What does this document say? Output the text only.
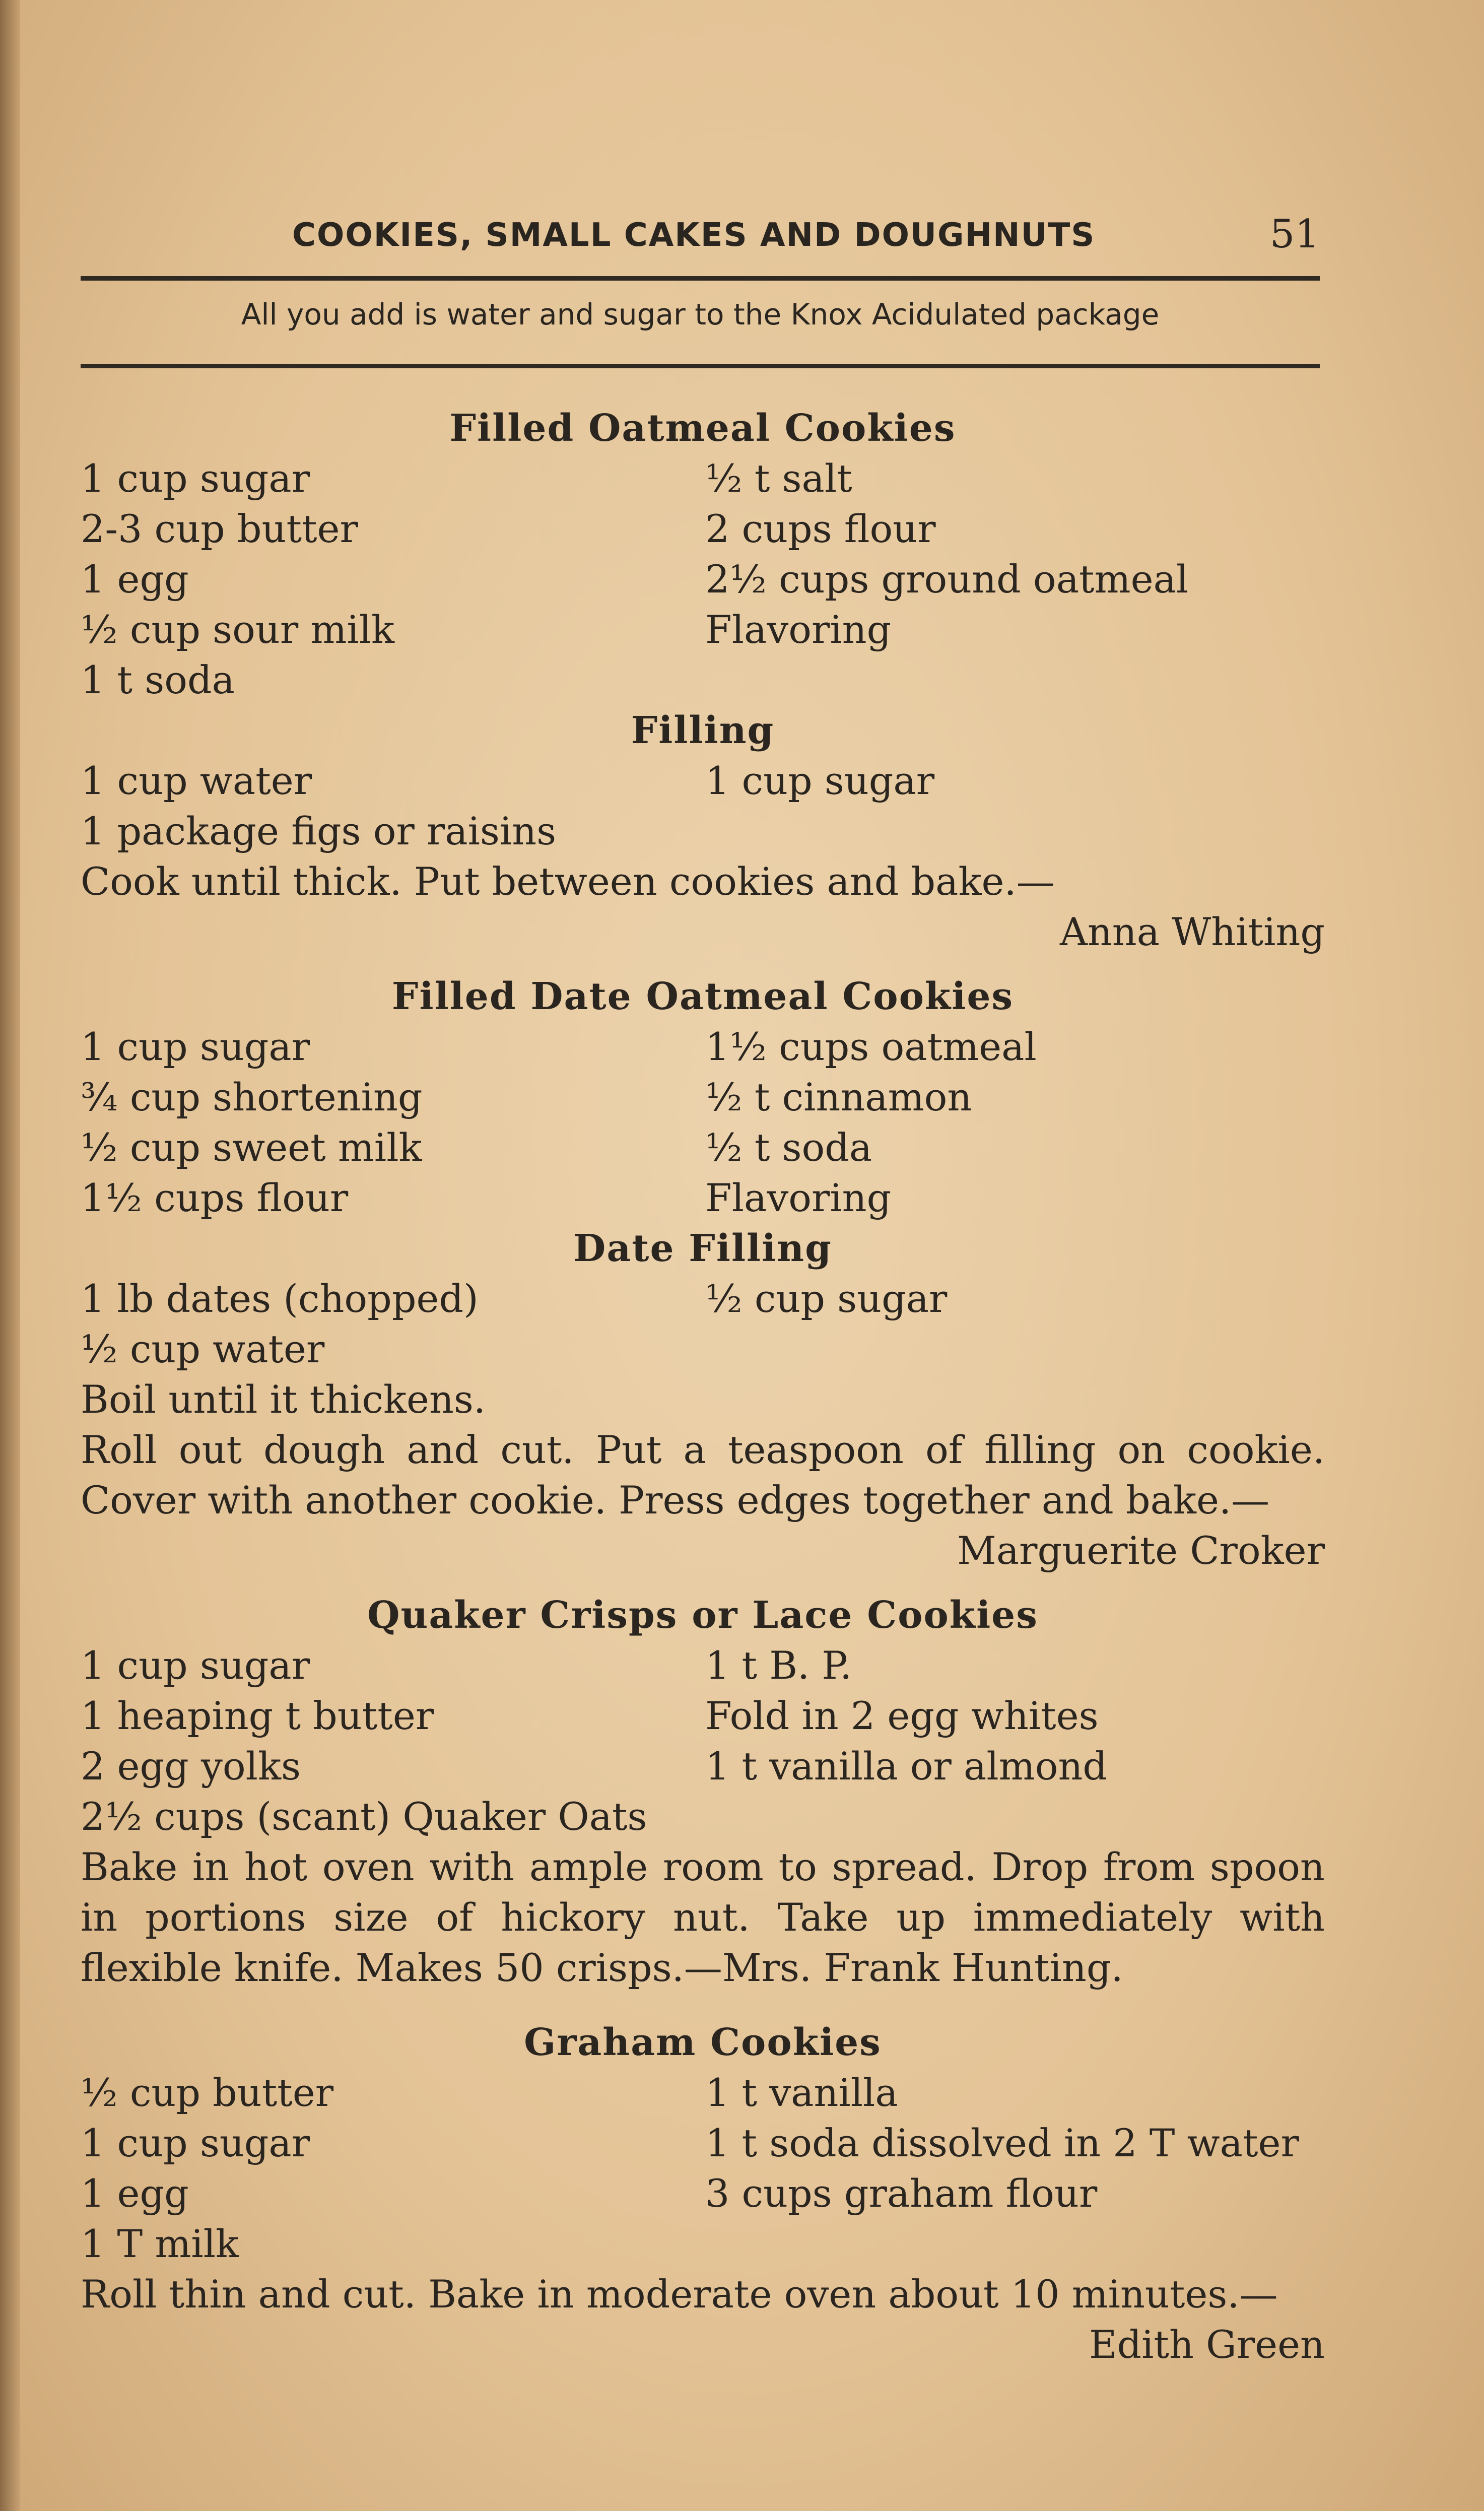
COOKIES, SMALL CAKES AND DOUGHNUTS	51
All you add is water and sugar to the Knox Acidulated package
Filled Oatmeal Cookies
1 cup sugar
2-3 cup butter
1 egg
½ cup sour milk
1 t soda
½ t salt
2 cups flour
2½ cups ground oatmeal
Flavoring
Filling
1 cup water
1 package figs or raisins
1 cup sugar
Cook until thick. Put between cookies and bake.—
Anna Whiting
Filled Date Oatmeal Cookies
1 cup sugar
¾ cup shortening
½ cup sweet milk
1½ cups flour
1½ cups oatmeal
½ t cinnamon
½ t soda
Flavoring
Date Filling
1 lb dates (chopped)
½ cup water
½ cup sugar
Boil until it thickens.
Roll out dough and cut. Put a teaspoon of filling on cookie. Cover with another cookie. Press edges together and bake.—
Marguerite Croker
Quaker Crisps or Lace Cookies
1 cup sugar
1 heaping t butter
2 egg yolks
1 t B. P.
Fold in 2 egg whites
1 t vanilla or almond
2½ cups (scant) Quaker Oats
Bake in hot oven with ample room to spread. Drop from spoon in portions size of hickory nut. Take up immediately with flexible knife. Makes 50 crisps.—Mrs. Frank Hunting.
Graham Cookies
½ cup butter
1 cup sugar
1 egg
1 T milk
1 t vanilla
1 t soda dissolved in 2 T water
3 cups graham flour
Roll thin and cut. Bake in moderate oven about 10 minutes.—
Edith Green
